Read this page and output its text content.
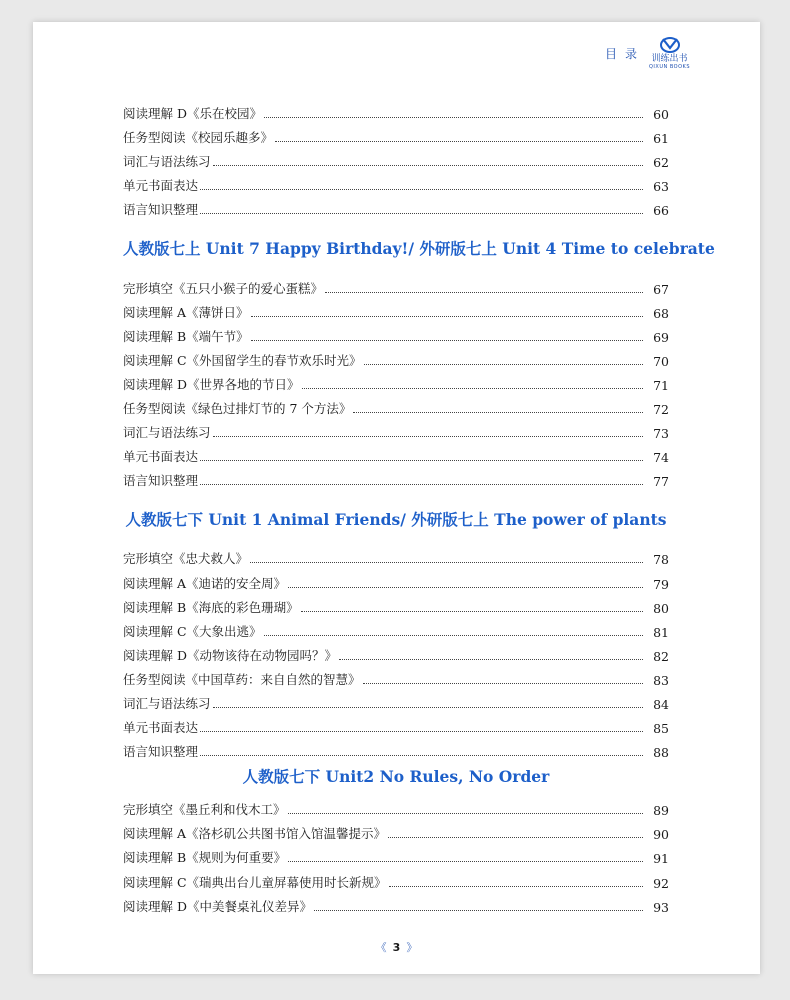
目录 训练出书
QIXUN BOOKS
阅读理解 D《乐在校园》	60
任务型阅读《校园乐趣多》	61
词汇与语法练习	62
单元书面表达	63
语言知识整理	66
人教版七上 Unit 7 Happy Birthday!/ 外研版七上 Unit 4 Time to celebrate
完形填空《五只小猴子的爱心蛋糕》	67
阅读理解 A《薄饼日》	68
阅读理解 B《端午节》	69
阅读理解 C《外国留学生的春节欢乐时光》	70
阅读理解 D《世界各地的节日》	71
任务型阅读《绿色过排灯节的 7 个方法》	72
词汇与语法练习	73
单元书面表达	74
语言知识整理	77
人教版七下 Unit 1 Animal Friends/ 外研版七上 The power of plants
完形填空《忠犬救人》	78
阅读理解 A《迪诺的安全周》	79
阅读理解 B《海底的彩色珊瑚》	80
阅读理解 C《大象出逃》	81
阅读理解 D《动物该待在动物园吗？》	82
任务型阅读《中国草药：来自自然的智慧》	83
词汇与语法练习	84
单元书面表达	85
语言知识整理	88
人教版七下 Unit2 No Rules, No Order
完形填空《墨丘利和伐木工》	89
阅读理解 A《洛杉矶公共图书馆入馆温馨提示》	90
阅读理解 B《规则为何重要》	91
阅读理解 C《瑞典出台儿童屏幕使用时长新规》	92
阅读理解 D《中美餐桌礼仪差异》	93
《 3 》
